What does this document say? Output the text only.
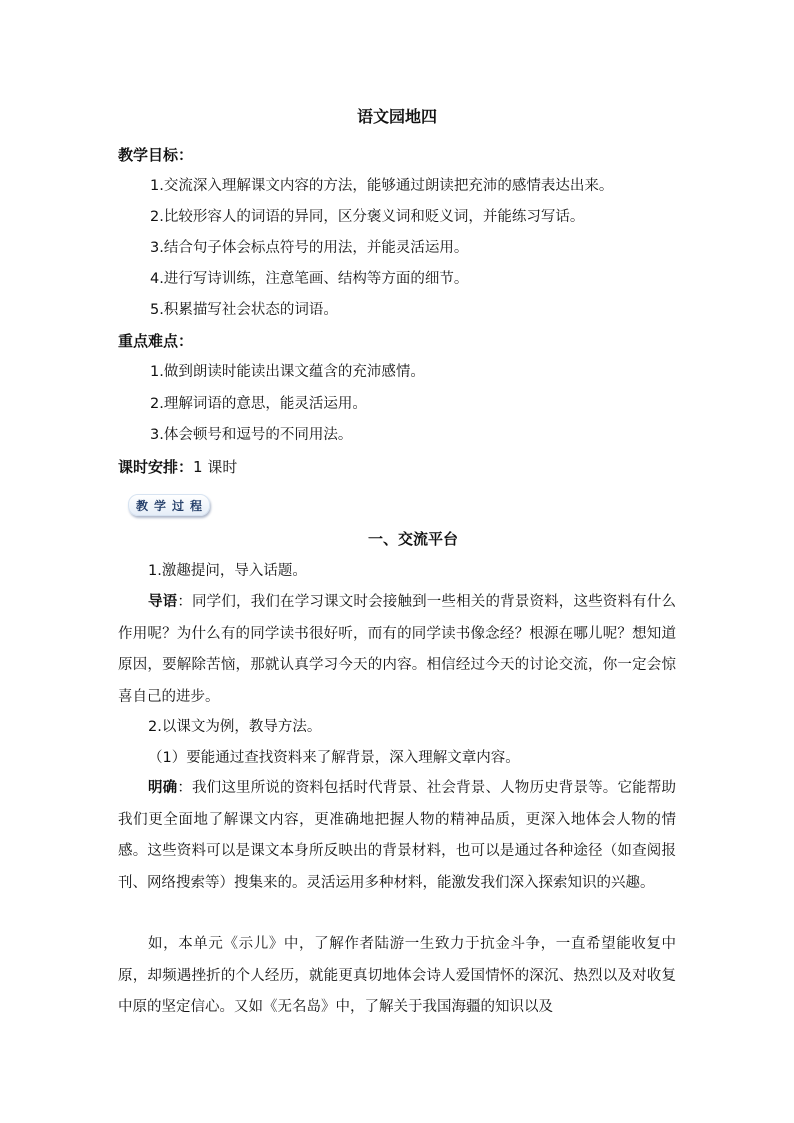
语文园地四
教学目标：
1.交流深入理解课文内容的方法，能够通过朗读把充沛的感情表达出来。
2.比较形容人的词语的异同，区分褒义词和贬义词，并能练习写话。
3.结合句子体会标点符号的用法，并能灵活运用。
4.进行写诗训练，注意笔画、结构等方面的细节。
5.积累描写社会状态的词语。
重点难点：
1.做到朗读时能读出课文蕴含的充沛感情。
2.理解词语的意思，能灵活运用。
3.体会顿号和逗号的不同用法。
课时安排：1 课时
教 学 过 程
一、交流平台
1.激趣提问，导入话题。
导语：同学们，我们在学习课文时会接触到一些相关的背景资料，这些资料有什么作用呢？为什么有的同学读书很好听，而有的同学读书像念经？根源在哪儿呢？想知道原因，要解除苦恼，那就认真学习今天的内容。相信经过今天的讨论交流，你一定会惊喜自己的进步。
2.以课文为例，教导方法。
（1）要能通过查找资料来了解背景，深入理解文章内容。
明确：我们这里所说的资料包括时代背景、社会背景、人物历史背景等。它能帮助我们更全面地了解课文内容，更准确地把握人物的精神品质，更深入地体会人物的情感。这些资料可以是课文本身所反映出的背景材料，也可以是通过各种途径（如查阅报刊、网络搜索等）搜集来的。灵活运用多种材料，能激发我们深入探索知识的兴趣。
如，本单元《示儿》中，了解作者陆游一生致力于抗金斗争，一直希望能收复中原，却频遇挫折的个人经历，就能更真切地体会诗人爱国情怀的深沉、热烈以及对收复中原的坚定信心。又如《无名岛》中，了解关于我国海疆的知识以及
